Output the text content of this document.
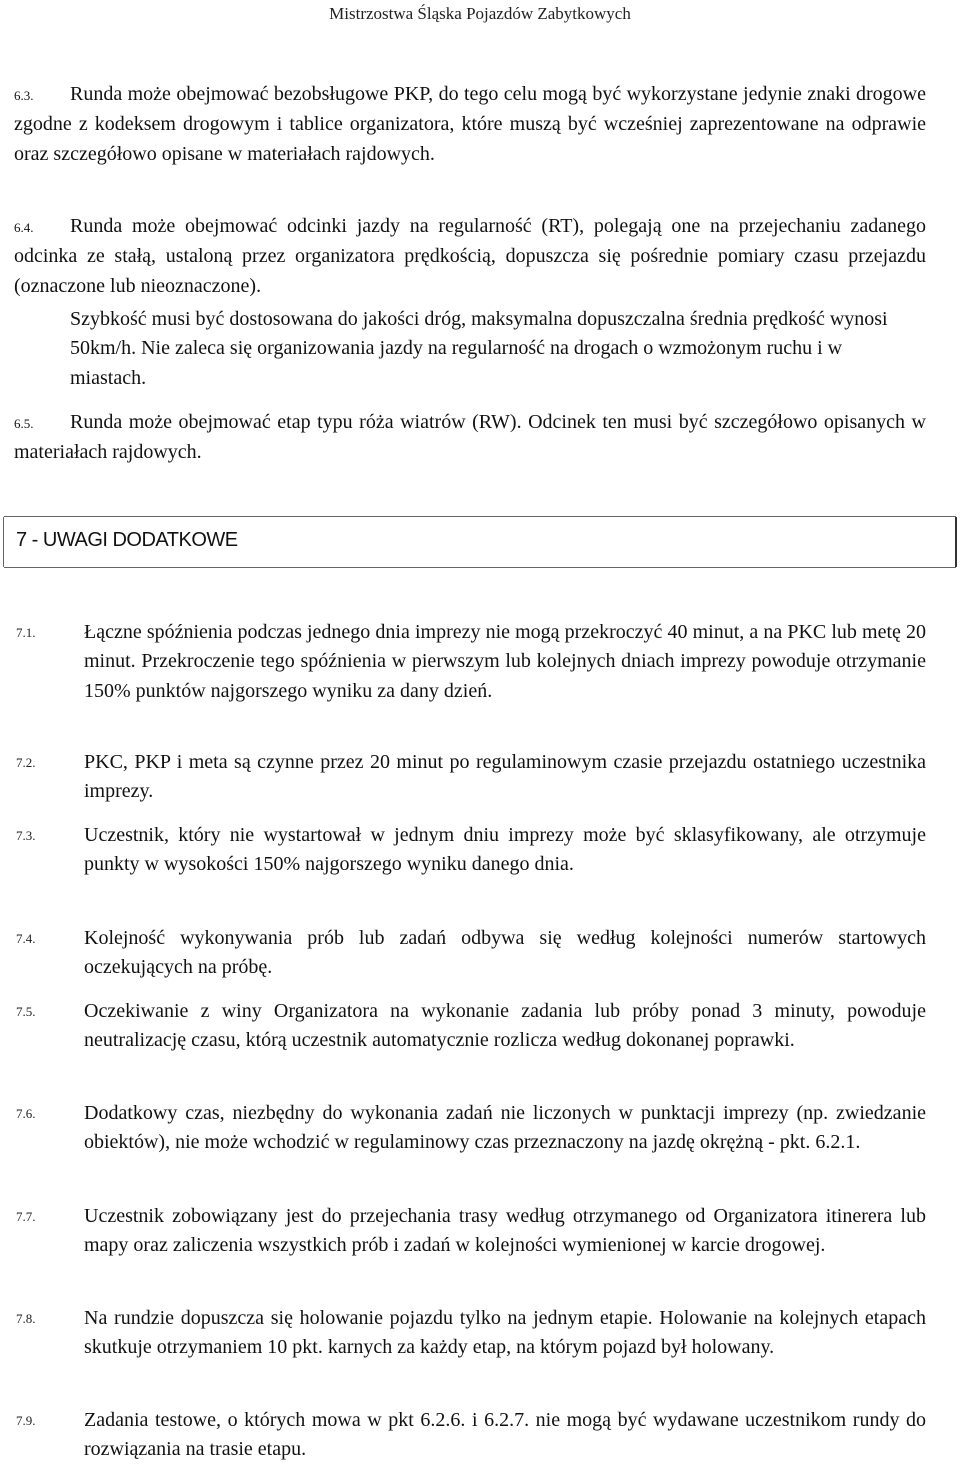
Mistrzostwa Śląska Pojazdów Zabytkowych
6.3. Runda może obejmować bezobsługowe PKP, do tego celu mogą być wykorzystane jedynie znaki drogowe zgodne z kodeksem drogowym i tablice organizatora, które muszą być wcześniej zaprezentowane na odprawie oraz szczegółowo opisane w materiałach rajdowych.
6.4. Runda może obejmować odcinki jazdy na regularność (RT), polegają one na przejechaniu zadanego odcinka ze stałą, ustaloną przez organizatora prędkością, dopuszcza się pośrednie pomiary czasu przejazdu (oznaczone lub nieoznaczone).
Szybkość musi być dostosowana do jakości dróg, maksymalna dopuszczalna średnia prędkość wynosi 50km/h. Nie zaleca się organizowania jazdy na regularność na drogach o wzmożonym ruchu i w miastach.
6.5. Runda może obejmować etap typu róża wiatrów (RW). Odcinek ten musi być szczegółowo opisanych w materiałach rajdowych.
7 - UWAGI DODATKOWE
7.1. Łączne spóźnienia podczas jednego dnia imprezy nie mogą przekroczyć 40 minut, a na PKC lub metę 20 minut. Przekroczenie tego spóźnienia w pierwszym lub kolejnych dniach imprezy powoduje otrzymanie 150% punktów najgorszego wyniku za dany dzień.
7.2. PKC, PKP i meta są czynne przez 20 minut po regulaminowym czasie przejazdu ostatniego uczestnika imprezy.
7.3. Uczestnik, który nie wystartował w jednym dniu imprezy może być sklasyfikowany, ale otrzymuje punkty w wysokości 150% najgorszego wyniku danego dnia.
7.4. Kolejność wykonywania prób lub zadań odbywa się według kolejności numerów startowych oczekujących na próbę.
7.5. Oczekiwanie z winy Organizatora na wykonanie zadania lub próby ponad 3 minuty, powoduje neutralizację czasu, którą uczestnik automatycznie rozlicza według dokonanej poprawki.
7.6. Dodatkowy czas, niezbędny do wykonania zadań nie liczonych w punktacji imprezy (np. zwiedzanie obiektów), nie może wchodzić w regulaminowy czas przeznaczony na jazdę okrężną - pkt. 6.2.1.
7.7. Uczestnik zobowiązany jest do przejechania trasy według otrzymanego od Organizatora itinerera lub mapy oraz zaliczenia wszystkich prób i zadań w kolejności wymienionej w karcie drogowej.
7.8. Na rundzie dopuszcza się holowanie pojazdu tylko na jednym etapie. Holowanie na kolejnych etapach skutkuje otrzymaniem 10 pkt. karnych za każdy etap, na którym pojazd był holowany.
7.9. Zadania testowe, o których mowa w pkt 6.2.6. i 6.2.7. nie mogą być wydawane uczestnikom rundy do rozwiązania na trasie etapu.
